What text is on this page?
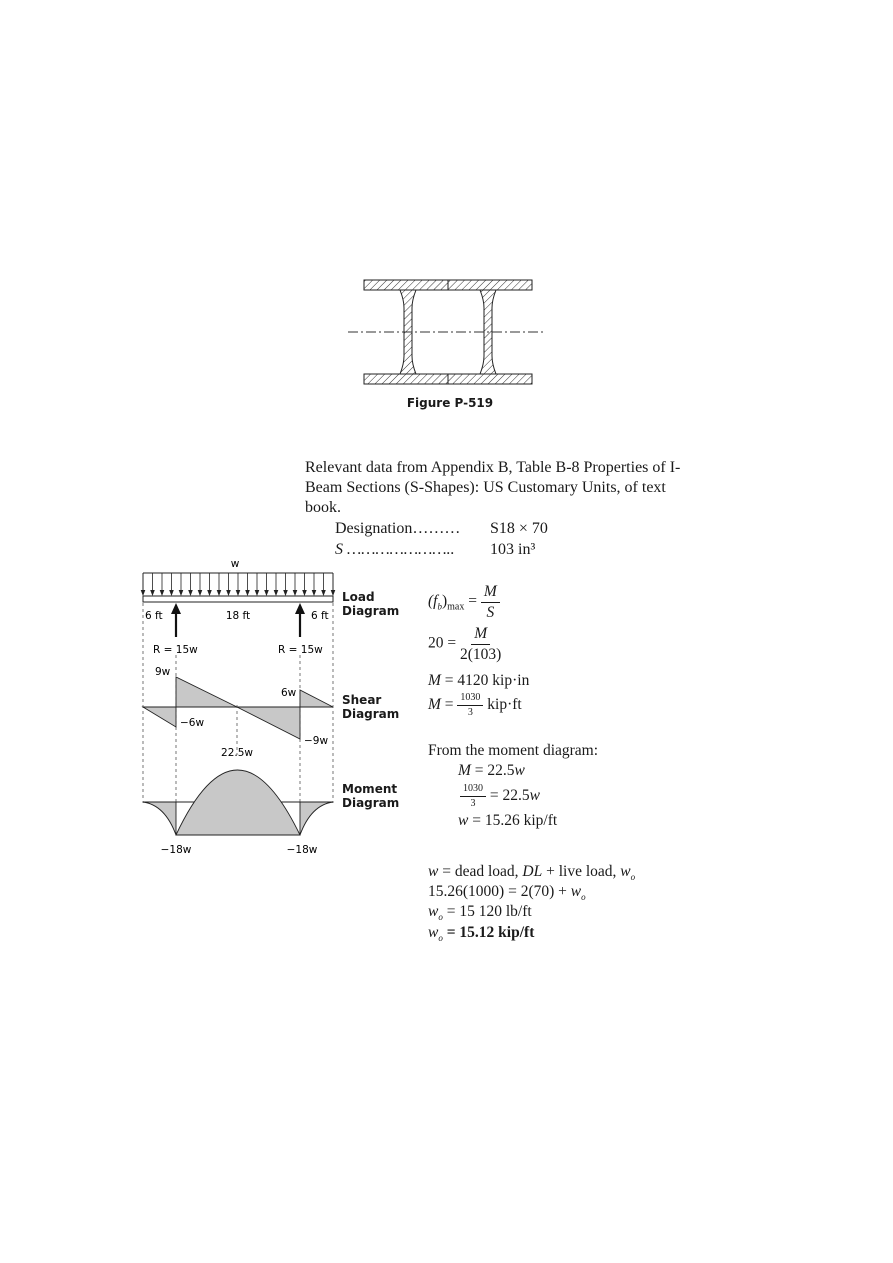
Figure P-519
Relevant data from Appendix B, Table B-8 Properties of I-Beam Sections (S-Shapes): US Customary Units, of text book.
Designation……… S18 × 70
S ………………….. 103 in³
w
6 ft	18 ft	6 ft
R = 15w	R = 15w
9w
−6w
6w
−9w
22.5w
−18w	−18w
Load
Diagram
Shear
Diagram
Moment
Diagram
$(f_b)_{max} = \frac{M}{S}$
$20 = \frac{M}{2(103)}$
M = 4120 kip·in
$M = \frac{1030}{3} kip\cdot ft$
From the moment diagram:
M = 22.5w
$\frac{1030}{3} = 22.5w$
w = 15.26 kip/ft
w = dead load, DL + live load, $w_o$
$15.26(1000) = 2(70) + w_o$
$w_o = 15$ 120 lb/ft
$w_o = 15.12$ kip/ft
